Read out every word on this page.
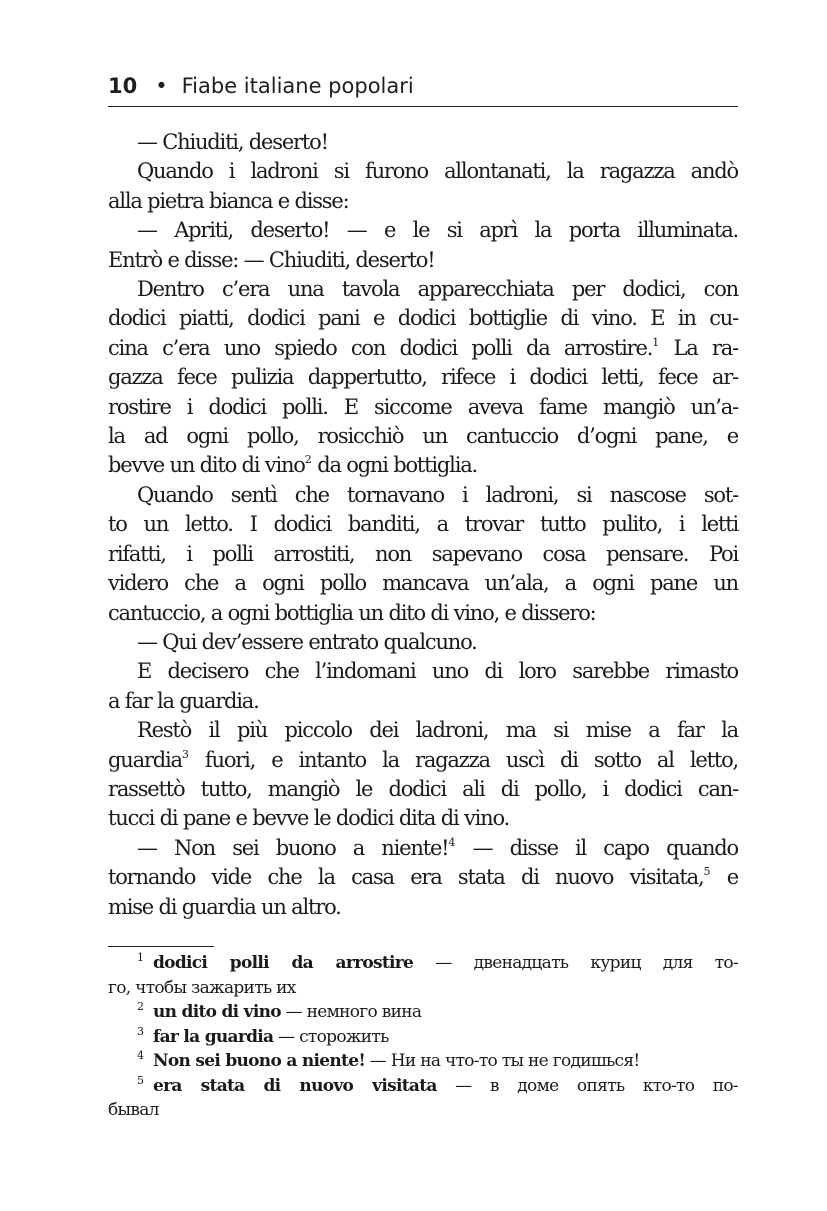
10 • Fiabe italiane popolari

— Chiuditi, deserto!

Quando i ladroni si furono allontanati, la ragazza andò
alla pietra bianca e disse:

— Apriti, deserto! — e le si aprì la porta illuminata.
Entrò e disse: — Chiuditi, deserto!

Dentro c’era una tavola apparecchiata per dodici, con
dodici piatti, dodici pani e dodici bottiglie di vino. E in cu-
cina c’era uno spiedo con dodici polli da arrostire.$^1$ La ra-
gazza fece pulizia dappertutto, rifece i dodici letti, fece ar-
rostire i dodici polli. E siccome aveva fame mangiò un’a-
la ad ogni pollo, rosicchiò un cantuccio d’ogni pane, e
bevve un dito di vino$^2$ da ogni bottiglia.

Quando sentì che tornavano i ladroni, si nascose sot-
to un letto. I dodici banditi, a trovar tutto pulito, i letti
rifatti, i polli arrostiti, non sapevano cosa pensare. Poi
videro che a ogni pollo mancava un’ala, a ogni pane un
cantuccio, a ogni bottiglia un dito di vino, e dissero:

— Qui dev’essere entrato qualcuno.

E decisero che l’indomani uno di loro sarebbe rimasto
a far la guardia.

Restò il più piccolo dei ladroni, ma si mise a far la
guardia$^3$ fuori, e intanto la ragazza uscì di sotto al letto,
rassettò tutto, mangiò le dodici ali di pollo, i dodici can-
tucci di pane e bevve le dodici dita di vino.

— Non sei buono a niente!$^4$ — disse il capo quando
tornando vide che la casa era stata di nuovo visitata,$^5$ e
mise di guardia un altro.

$^1$ dodici polli da arrostire — двенадцать куриц для то-
го, чтобы зажарить их
$^2$ un dito di vino — немного вина
$^3$ far la guardia — сторожить
$^4$ Non sei buono a niente! — Ни на что-то ты не годишься!
$^5$ era stata di nuovo visitata — в доме опять кто-то по-
бывал
